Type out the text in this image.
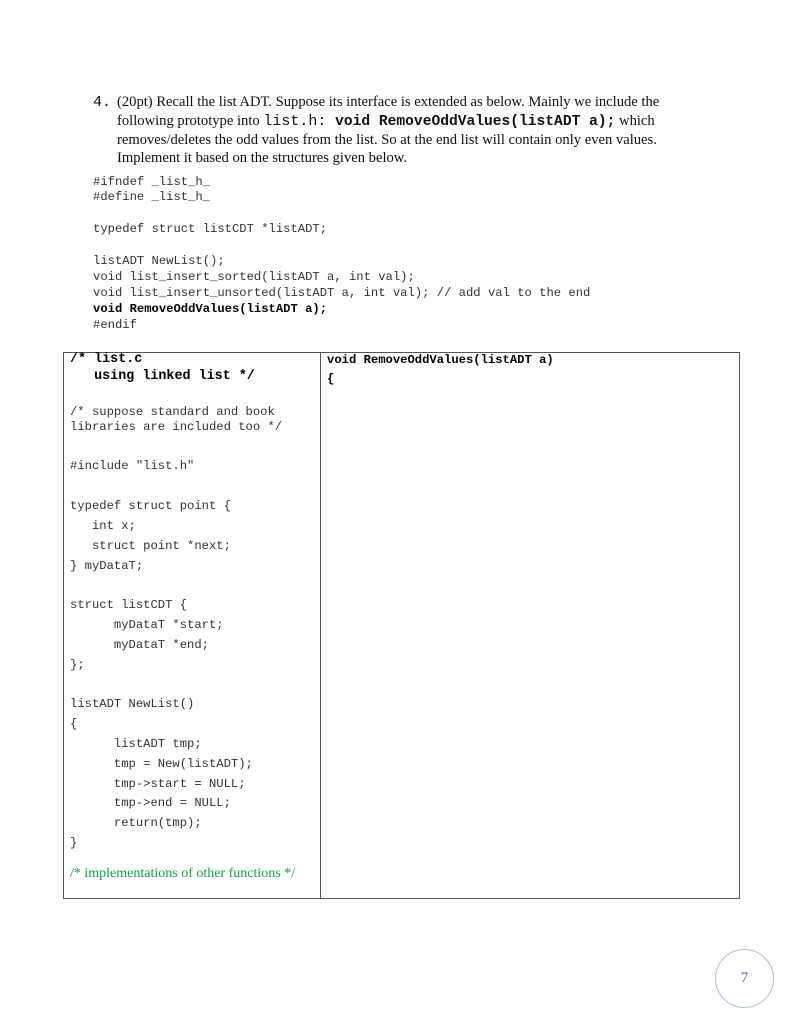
4. (20pt) Recall the list ADT. Suppose its interface is extended as below. Mainly we include the
following prototype into list.h: void RemoveOddValues(listADT a); which
removes/deletes the odd values from the list. So at the end list will contain only even values.
Implement it based on the structures given below.
#ifndef _list_h_
#define _list_h_
typedef struct listCDT *listADT;
listADT NewList();
void list_insert_sorted(listADT a, int val);
void list_insert_unsorted(listADT a, int val); // add val to the end
void RemoveOddValues(listADT a);
#endif
/* list.c
using linked list */
/* suppose standard and book
libraries are included too */
#include "list.h"
typedef struct point {
int x;
struct point *next;
} myDataT;
struct listCDT {
myDataT *start;
myDataT *end;
};
listADT NewList()
{
listADT tmp;
tmp = New(listADT);
tmp->start = NULL;
tmp->end = NULL;
return(tmp);
}
/* implementations of other functions */
void RemoveOddValues(listADT a)
{
7
